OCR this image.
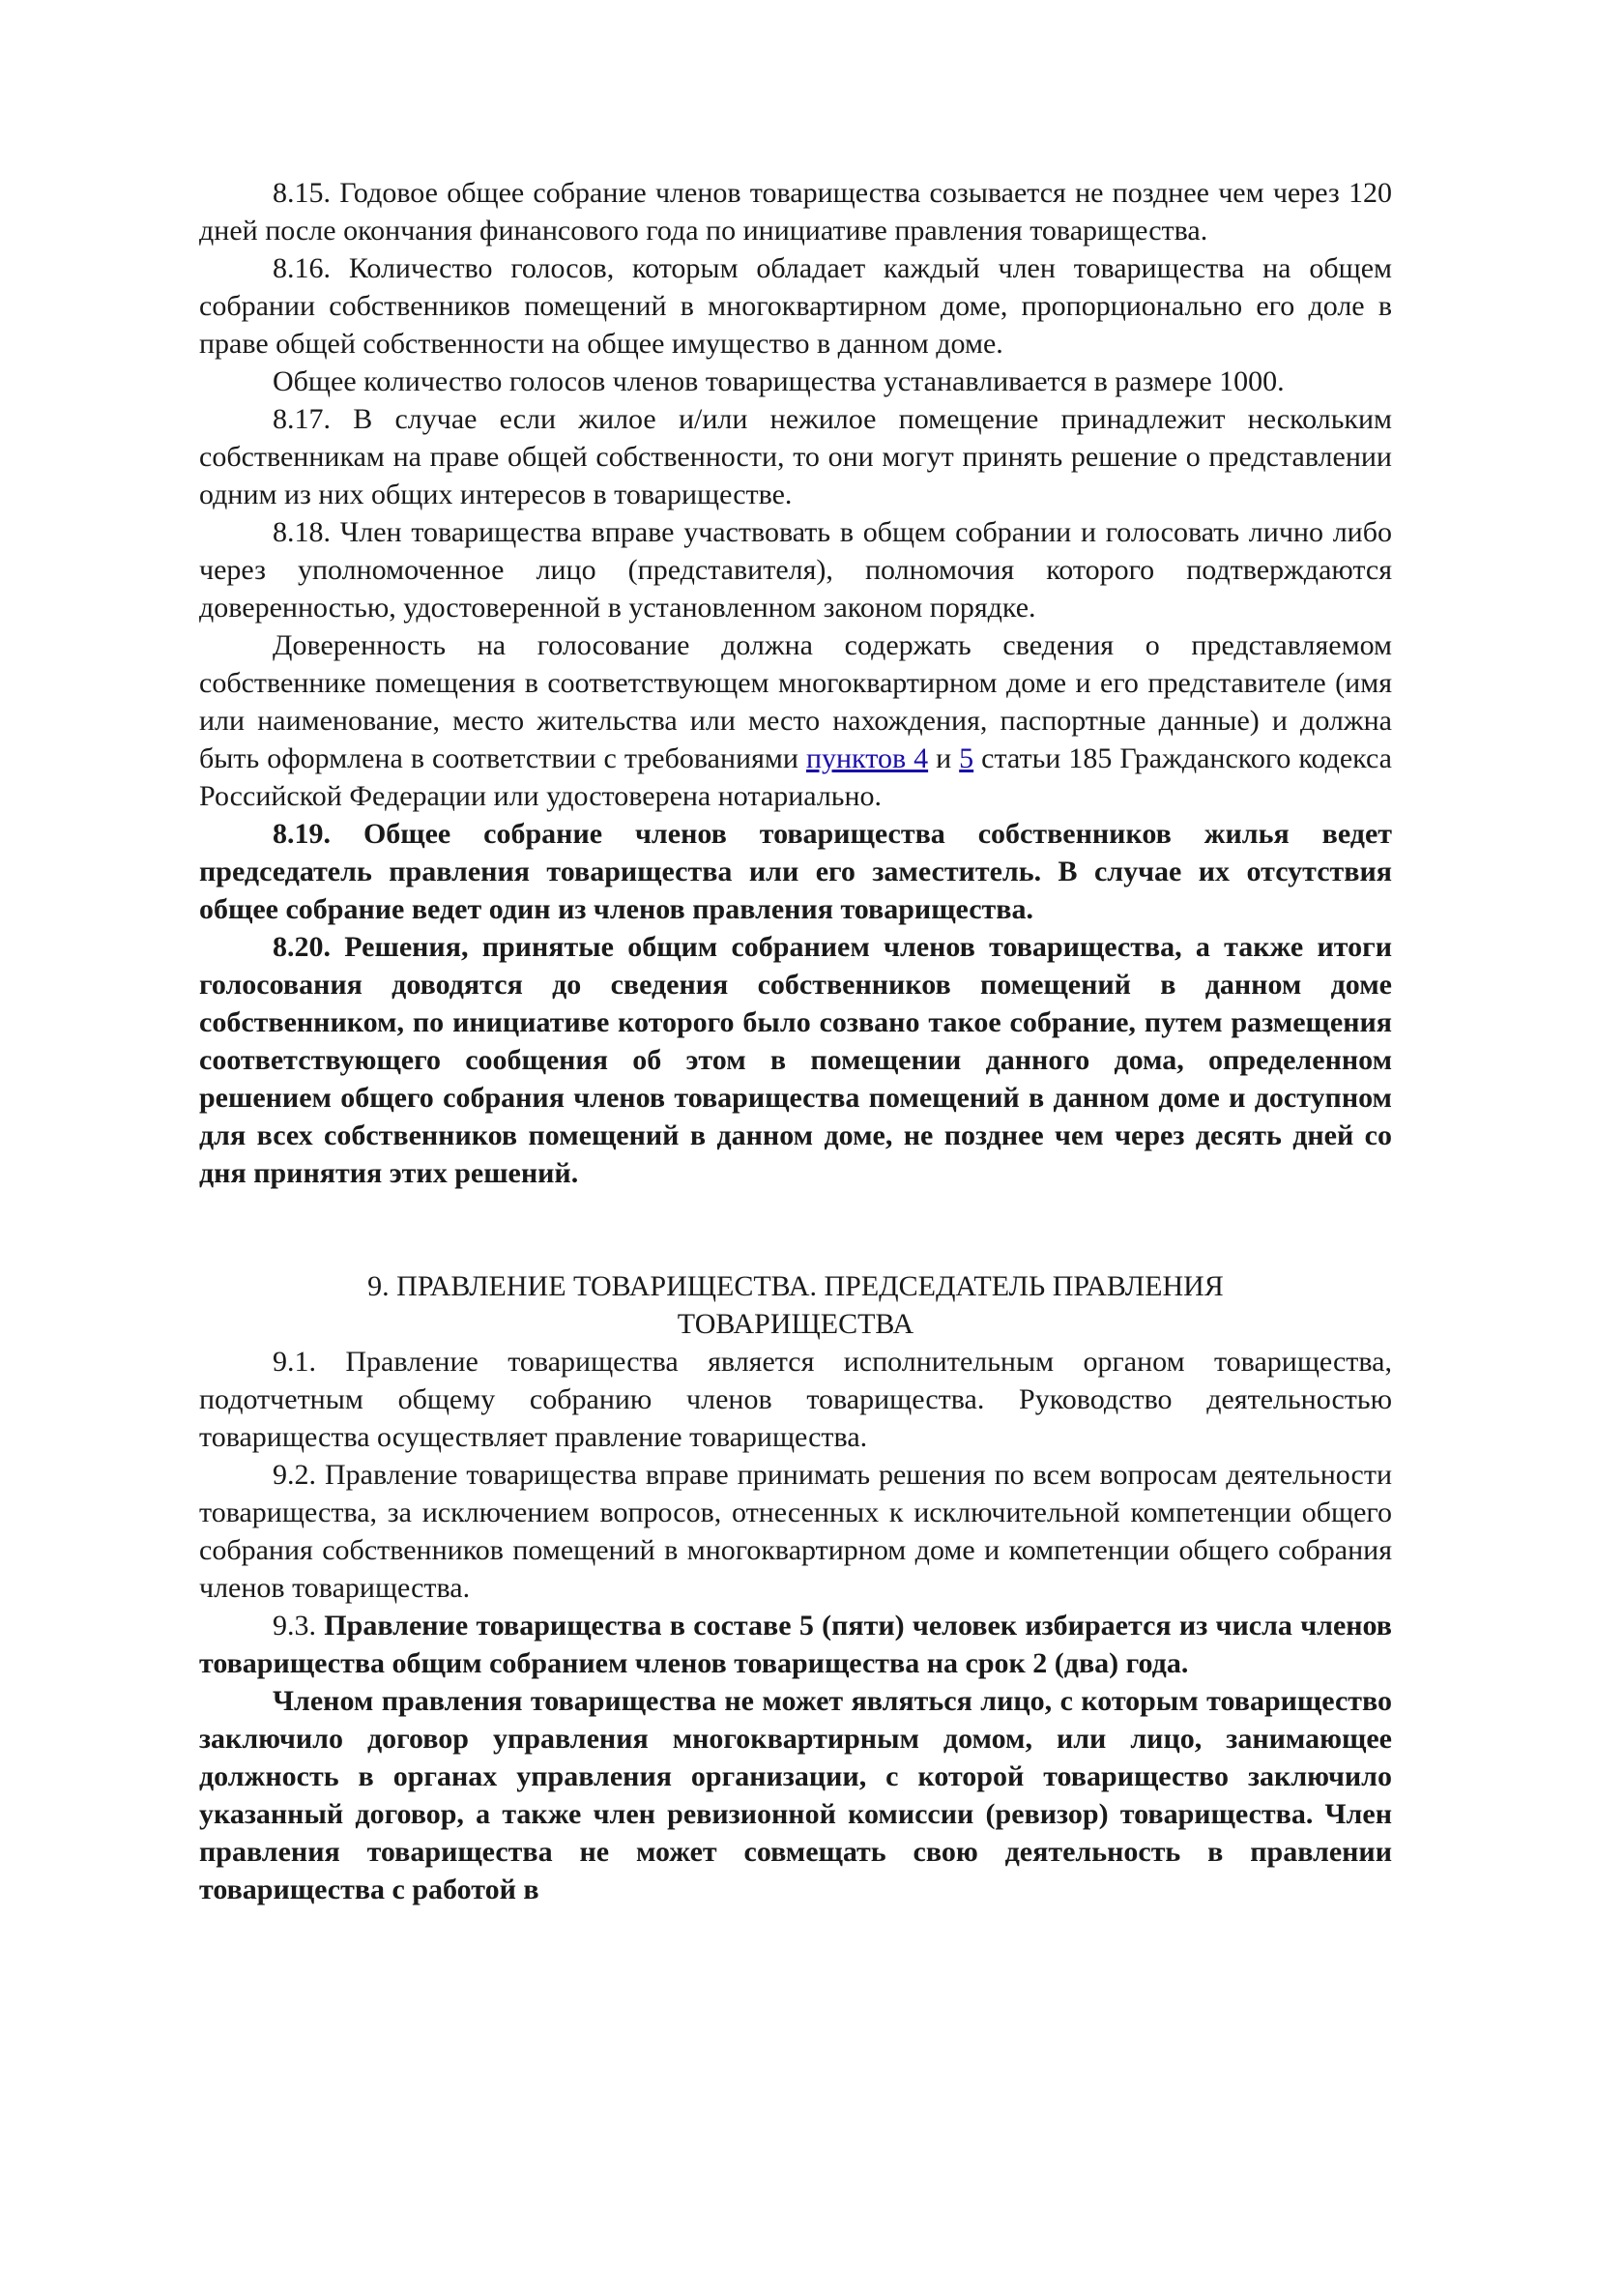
8.15. Годовое общее собрание членов товарищества созывается не позднее чем через 120 дней после окончания финансового года по инициативе правления товарищества.

8.16. Количество голосов, которым обладает каждый член товарищества на общем собрании собственников помещений в многоквартирном доме, пропорционально его доле в праве общей собственности на общее имущество в данном доме.

Общее количество голосов членов товарищества устанавливается в размере 1000.

8.17. В случае если жилое и/или нежилое помещение принадлежит нескольким собственникам на праве общей собственности, то они могут принять решение о представлении одним из них общих интересов в товариществе.

8.18. Член товарищества вправе участвовать в общем собрании и голосовать лично либо через уполномоченное лицо (представителя), полномочия которого подтверждаются доверенностью, удостоверенной в установленном законом порядке.

Доверенность на голосование должна содержать сведения о представляемом собственнике помещения в соответствующем многоквартирном доме и его представителе (имя или наименование, место жительства или место нахождения, паспортные данные) и должна быть оформлена в соответствии с требованиями пунктов 4 и 5 статьи 185 Гражданского кодекса Российской Федерации или удостоверена нотариально.

8.19. Общее собрание членов товарищества собственников жилья ведет председатель правления товарищества или его заместитель. В случае их отсутствия общее собрание ведет один из членов правления товарищества.

8.20. Решения, принятые общим собранием членов товарищества, а также итоги голосования доводятся до сведения собственников помещений в данном доме собственником, по инициативе которого было созвано такое собрание, путем размещения соответствующего сообщения об этом в помещении данного дома, определенном решением общего собрания членов товарищества помещений в данном доме и доступном для всех собственников помещений в данном доме, не позднее чем через десять дней со дня принятия этих решений.

9. ПРАВЛЕНИЕ ТОВАРИЩЕСТВА. ПРЕДСЕДАТЕЛЬ ПРАВЛЕНИЯ
ТОВАРИЩЕСТВА

9.1. Правление товарищества является исполнительным органом товарищества, подотчетным общему собранию членов товарищества. Руководство деятельностью товарищества осуществляет правление товарищества.

9.2. Правление товарищества вправе принимать решения по всем вопросам деятельности товарищества, за исключением вопросов, отнесенных к исключительной компетенции общего собрания собственников помещений в многоквартирном доме и компетенции общего собрания членов товарищества.

9.3. Правление товарищества в составе 5 (пяти) человек избирается из числа членов товарищества общим собранием членов товарищества на срок 2 (два) года.

Членом правления товарищества не может являться лицо, с которым товарищество заключило договор управления многоквартирным домом, или лицо, занимающее должность в органах управления организации, с которой товарищество заключило указанный договор, а также член ревизионной комиссии (ревизор) товарищества. Член правления товарищества не может совмещать свою деятельность в правлении товарищества с работой в
